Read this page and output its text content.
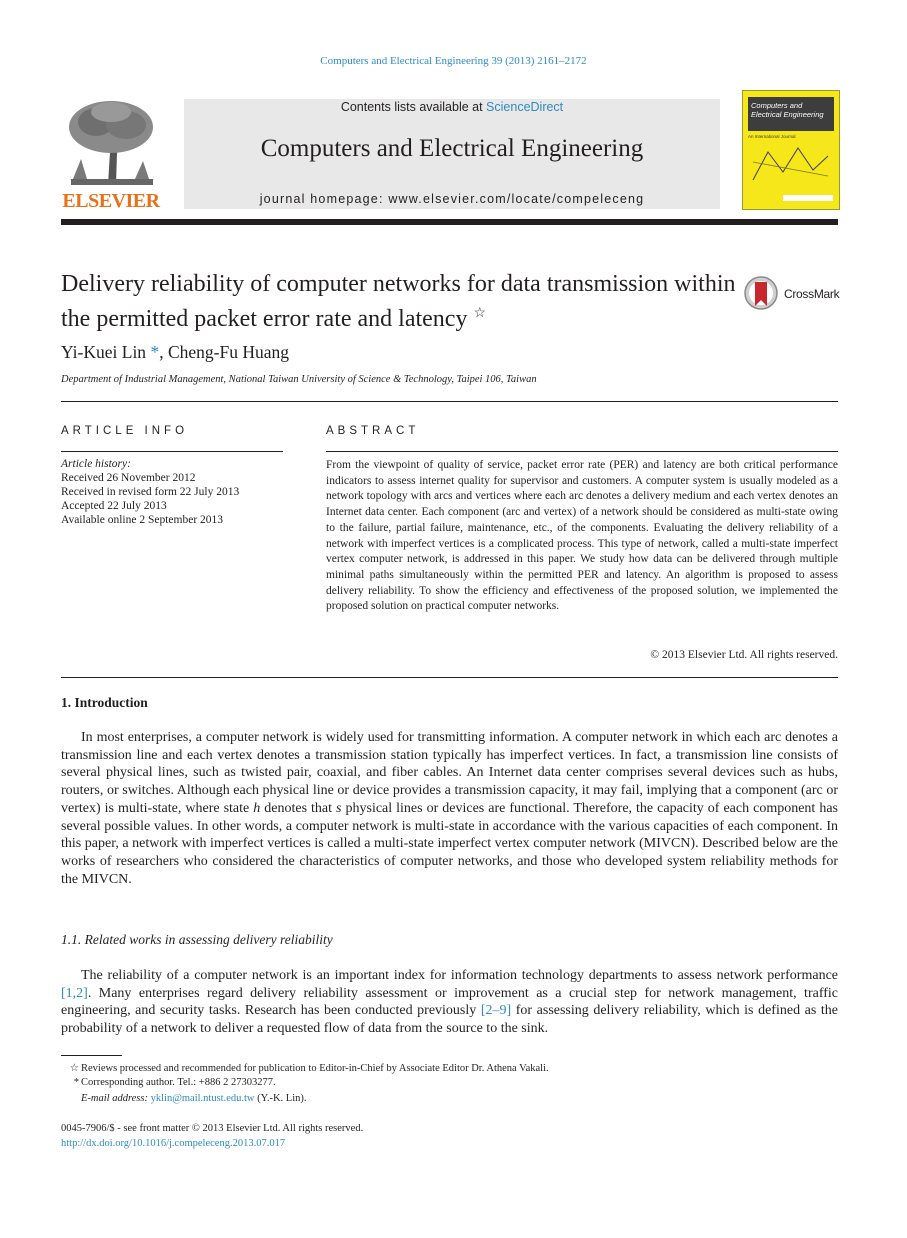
Computers and Electrical Engineering 39 (2013) 2161–2172
ELSEVIER
Contents lists available at ScienceDirect
Computers and Electrical Engineering
journal homepage: www.elsevier.com/locate/compeleceng
Computers and Electrical Engineering
An International Journal
Delivery reliability of computer networks for data transmission within the permitted packet error rate and latency ☆
CrossMark
Yi-Kuei Lin *, Cheng-Fu Huang
Department of Industrial Management, National Taiwan University of Science & Technology, Taipei 106, Taiwan
ARTICLE INFO	ABSTRACT
Article history:
Received 26 November 2012
Received in revised form 22 July 2013
Accepted 22 July 2013
Available online 2 September 2013
From the viewpoint of quality of service, packet error rate (PER) and latency are both critical performance indicators to assess internet quality for supervisor and customers. A computer system is usually modeled as a network topology with arcs and vertices where each arc denotes a delivery medium and each vertex denotes an Internet data center. Each component (arc and vertex) of a network should be considered as multi-state owing to the failure, partial failure, maintenance, etc., of the components. Evaluating the delivery reliability of a network with imperfect vertices is a complicated process. This type of network, called a multi-state imperfect vertex computer network, is addressed in this paper. We study how data can be delivered through multiple minimal paths simultaneously within the permitted PER and latency. An algorithm is proposed to assess delivery reliability. To show the efficiency and effectiveness of the proposed solution, we implemented the proposed solution on practical computer networks.
© 2013 Elsevier Ltd. All rights reserved.
1. Introduction
In most enterprises, a computer network is widely used for transmitting information. A computer network in which each arc denotes a transmission line and each vertex denotes a transmission station typically has imperfect vertices. In fact, a transmission line consists of several physical lines, such as twisted pair, coaxial, and fiber cables. An Internet data center comprises several devices such as hubs, routers, or switches. Although each physical line or device provides a transmission capacity, it may fail, implying that a component (arc or vertex) is multi-state, where state h denotes that s physical lines or devices are functional. Therefore, the capacity of each component has several possible values. In other words, a computer network is multi-state in accordance with the various capacities of each component. In this paper, a network with imperfect vertices is called a multi-state imperfect vertex computer network (MIVCN). Described below are the works of researchers who considered the characteristics of computer networks, and those who developed system reliability methods for the MIVCN.
1.1. Related works in assessing delivery reliability
The reliability of a computer network is an important index for information technology departments to assess network performance [1,2]. Many enterprises regard delivery reliability assessment or improvement as a crucial step for network management, traffic engineering, and security tasks. Research has been conducted previously [2–9] for assessing delivery reliability, which is defined as the probability of a network to deliver a requested flow of data from the source to the sink.
☆ Reviews processed and recommended for publication to Editor-in-Chief by Associate Editor Dr. Athena Vakali.
* Corresponding author. Tel.: +886 2 27303277.
E-mail address: yklin@mail.ntust.edu.tw (Y.-K. Lin).
0045-7906/$ - see front matter © 2013 Elsevier Ltd. All rights reserved.
http://dx.doi.org/10.1016/j.compeleceng.2013.07.017
